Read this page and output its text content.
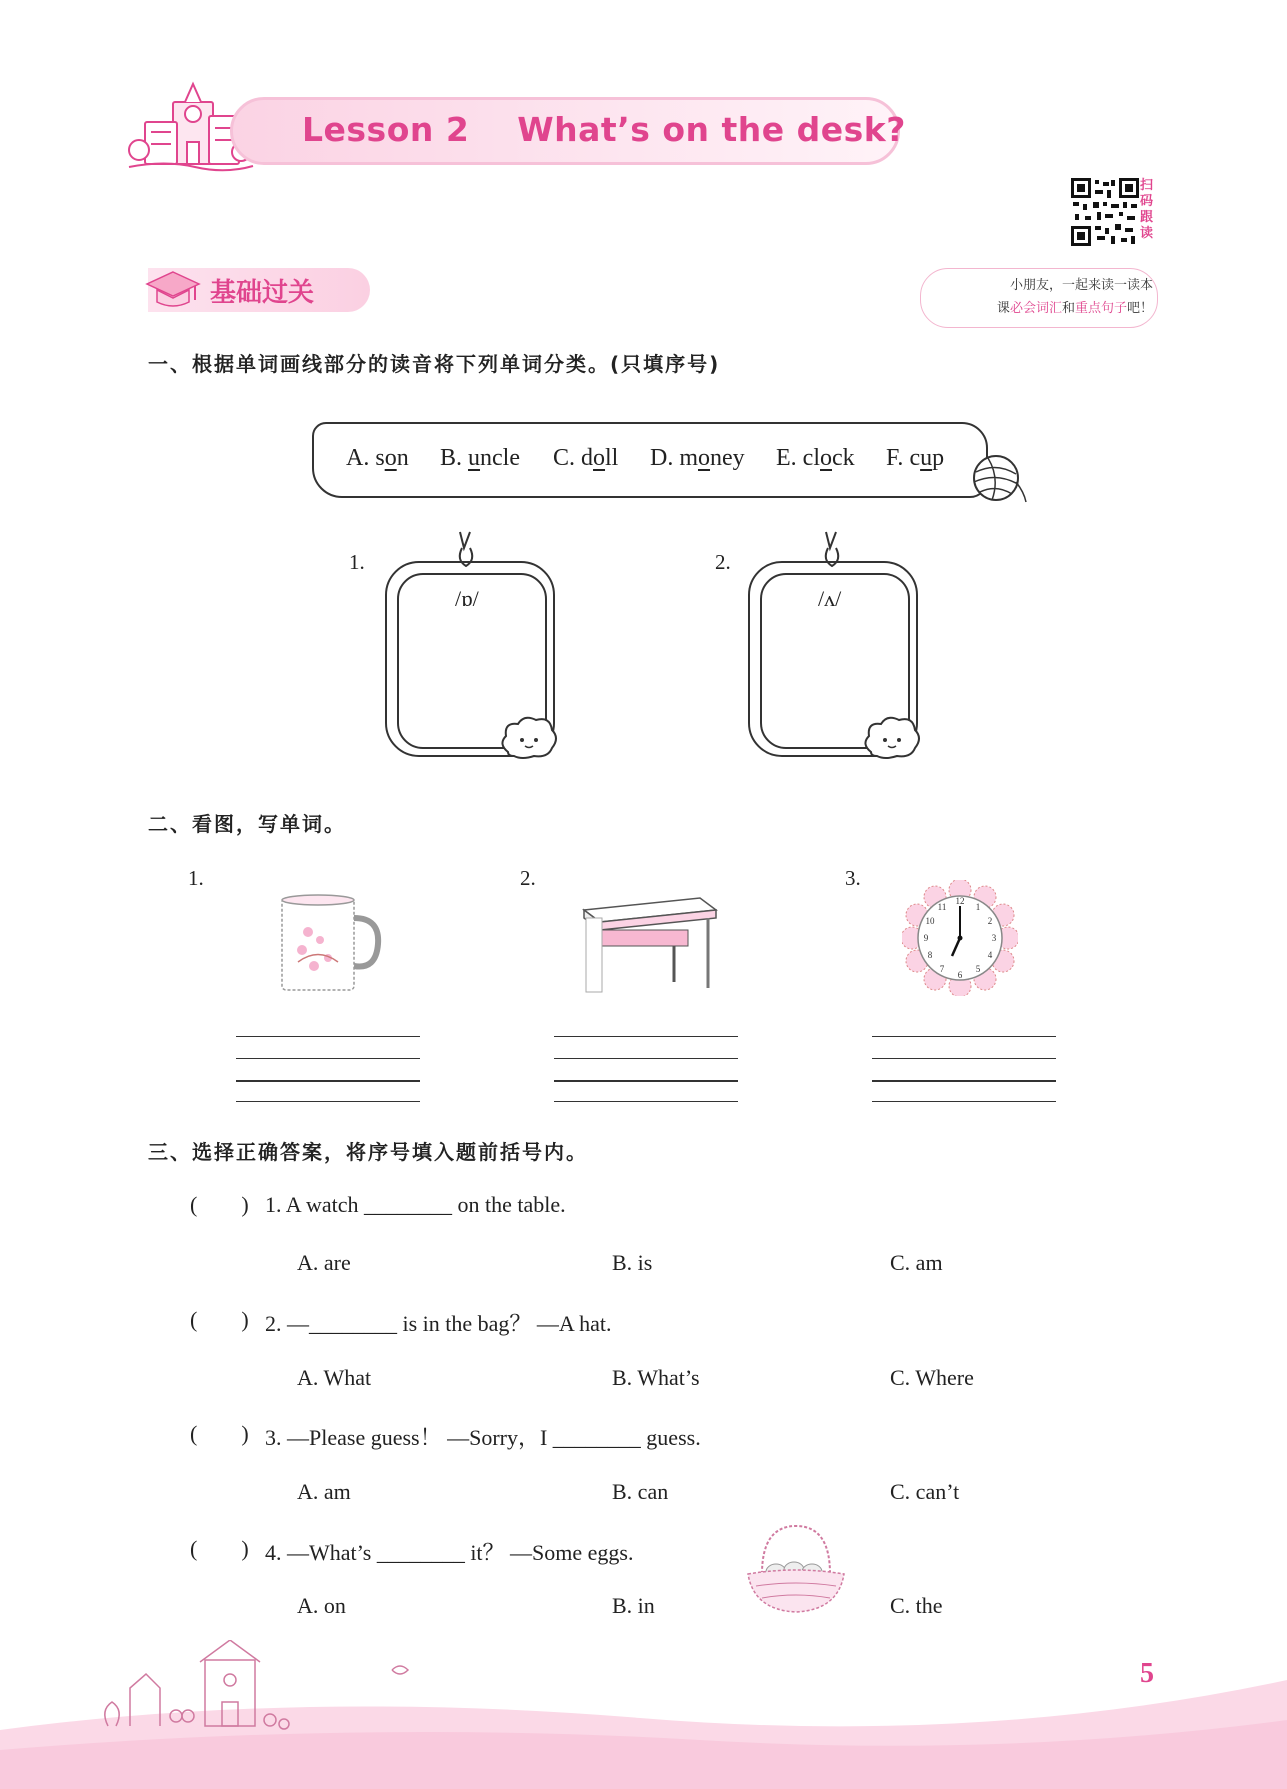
Lesson 2    What’s on the desk?
扫码跟读
基础过关	小朋友，一起来读一读本
课必会词汇和重点句子吧！
一、根据单词画线部分的读音将下列单词分类。(只填序号)
A. son B. uncle C. doll D. money E. clock F. cup
1.
/ɒ/
2.
/ʌ/
二、看图，写单词。
1.	2.	3.
12
1
2
3
4
5
6
7
8
9
10
11
三、选择正确答案，将序号填入题前括号内。
(        ) 1. A watch ________ on the table.
A. are	B. is	C. am
(        ) 2. —________ is in the bag？ —A hat.
A. What	B. What’s	C. Where
(        ) 3. —Please guess！ —Sorry，I ________ guess.
A. am	B. can	C. can’t
(        ) 4. —What’s ________ it？ —Some eggs.
A. on	B. in	C. the
5
